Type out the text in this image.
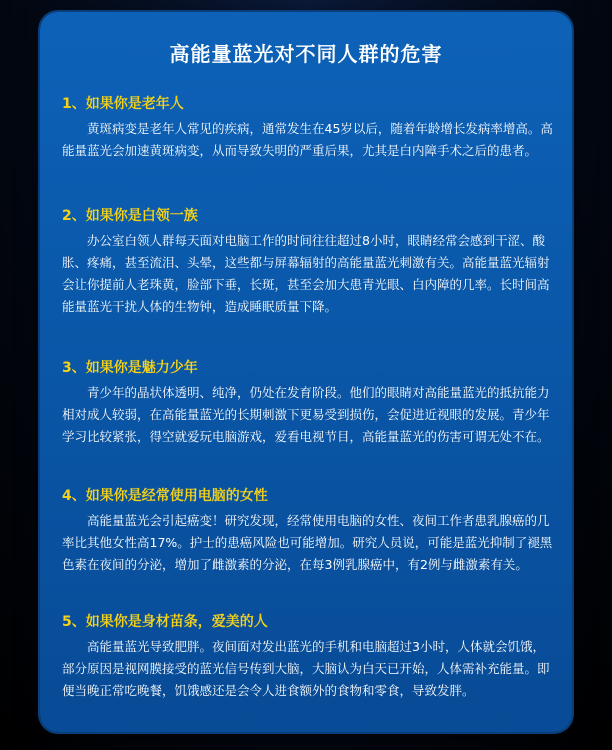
高能量蓝光对不同人群的危害

1、如果你是老年人

黄斑病变是老年人常见的疾病，通常发生在45岁以后，随着年龄增长发病率增高。高能量蓝光会加速黄斑病变，从而导致失明的严重后果，尤其是白内障手术之后的患者。

2、如果你是白领一族

办公室白领人群每天面对电脑工作的时间往往超过8小时，眼睛经常会感到干涩、酸胀、疼痛，甚至流泪、头晕，这些都与屏幕辐射的高能量蓝光刺激有关。高能量蓝光辐射会让你提前人老珠黄，脸部下垂，长斑，甚至会加大患青光眼、白内障的几率。长时间高能量蓝光干扰人体的生物钟，造成睡眠质量下降。

3、如果你是魅力少年

青少年的晶状体透明、纯净，仍处在发育阶段。他们的眼睛对高能量蓝光的抵抗能力相对成人较弱，在高能量蓝光的长期刺激下更易受到损伤，会促进近视眼的发展。青少年学习比较紧张，得空就爱玩电脑游戏，爱看电视节目，高能量蓝光的伤害可谓无处不在。

4、如果你是经常使用电脑的女性

高能量蓝光会引起癌变！研究发现，经常使用电脑的女性、夜间工作者患乳腺癌的几率比其他女性高17%。护士的患癌风险也可能增加。研究人员说，可能是蓝光抑制了褪黑色素在夜间的分泌，增加了雌激素的分泌，在每3例乳腺癌中，有2例与雌激素有关。

5、如果你是身材苗条，爱美的人

高能量蓝光导致肥胖。夜间面对发出蓝光的手机和电脑超过3小时，人体就会饥饿，部分原因是视网膜接受的蓝光信号传到大脑，大脑认为白天已开始，人体需补充能量。即便当晚正常吃晚餐，饥饿感还是会令人进食额外的食物和零食，导致发胖。
